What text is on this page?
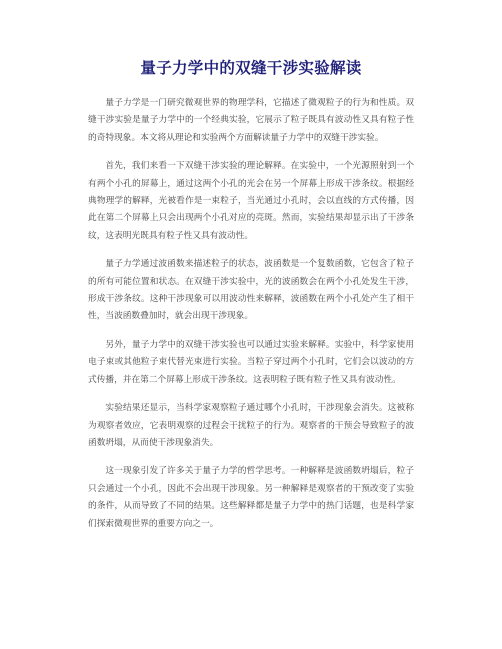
量子力学中的双缝干涉实验解读

量子力学是一门研究微观世界的物理学科，它描述了微观粒子的行为和性质。双缝干涉实验是量子力学中的一个经典实验，它展示了粒子既具有波动性又具有粒子性的奇特现象。本文将从理论和实验两个方面解读量子力学中的双缝干涉实验。

首先，我们来看一下双缝干涉实验的理论解释。在实验中，一个光源照射到一个有两个小孔的屏幕上，通过这两个小孔的光会在另一个屏幕上形成干涉条纹。根据经典物理学的解释，光被看作是一束粒子，当光通过小孔时，会以直线的方式传播，因此在第二个屏幕上只会出现两个小孔对应的亮斑。然而，实验结果却显示出了干涉条纹，这表明光既具有粒子性又具有波动性。

量子力学通过波函数来描述粒子的状态，波函数是一个复数函数，它包含了粒子的所有可能位置和状态。在双缝干涉实验中，光的波函数会在两个小孔处发生干涉，形成干涉条纹。这种干涉现象可以用波动性来解释，波函数在两个小孔处产生了相干性，当波函数叠加时，就会出现干涉现象。

另外，量子力学中的双缝干涉实验也可以通过实验来解释。实验中，科学家使用电子束或其他粒子束代替光束进行实验。当粒子穿过两个小孔时，它们会以波动的方式传播，并在第二个屏幕上形成干涉条纹。这表明粒子既有粒子性又具有波动性。

实验结果还显示，当科学家观察粒子通过哪个小孔时，干涉现象会消失。这被称为观察者效应，它表明观察的过程会干扰粒子的行为。观察者的干预会导致粒子的波函数坍塌，从而使干涉现象消失。

这一现象引发了许多关于量子力学的哲学思考。一种解释是波函数坍塌后，粒子只会通过一个小孔，因此不会出现干涉现象。另一种解释是观察者的干预改变了实验的条件，从而导致了不同的结果。这些解释都是量子力学中的热门话题，也是科学家们探索微观世界的重要方向之一。
